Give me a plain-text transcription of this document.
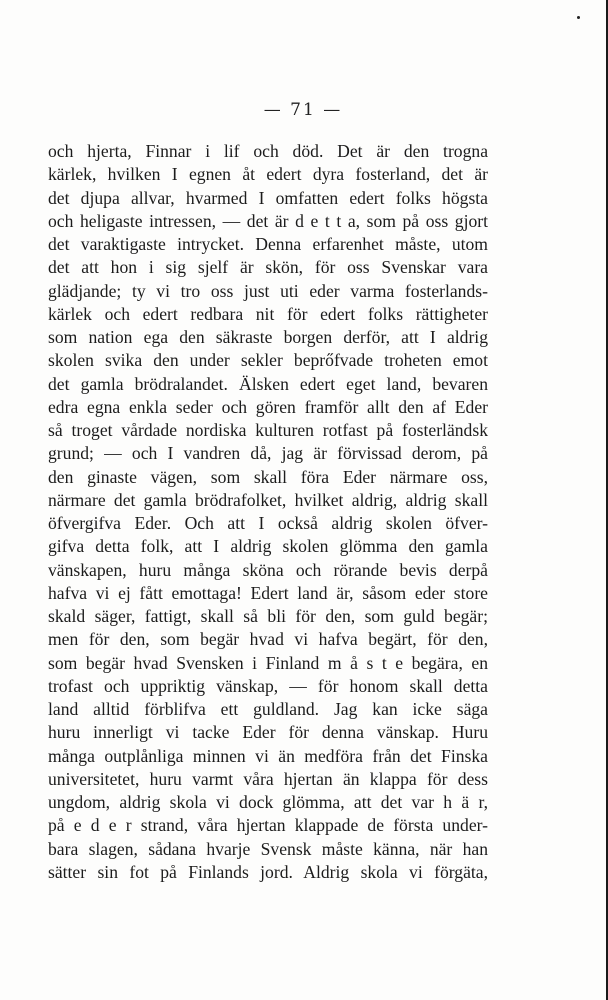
— 71 —
och hjerta, Finnar i lif och död. Det är den trogna
kärlek, hvilken I egnen åt edert dyra fosterland, det är
det djupa allvar, hvarmed I omfatten edert folks högsta
och heligaste intressen, — det är d e t t a, som på oss gjort
det varaktigaste intrycket. Denna erfarenhet måste, utom
det att hon i sig sjelf är skön, för oss Svenskar vara
glädjande; ty vi tro oss just uti eder varma fosterlands-
kärlek och edert redbara nit för edert folks rättigheter
som nation ega den säkraste borgen derför, att I aldrig
skolen svika den under sekler beprőfvade troheten emot
det gamla brödralandet. Älsken edert eget land, bevaren
edra egna enkla seder och gören framför allt den af Eder
så troget vårdade nordiska kulturen rotfast på fosterländsk
grund; — och I vandren då, jag är förvissad derom, på
den ginaste vägen, som skall föra Eder närmare oss,
närmare det gamla brödrafolket, hvilket aldrig, aldrig skall
öfvergifva Eder. Och att I också aldrig skolen öfver-
gifva detta folk, att I aldrig skolen glömma den gamla
vänskapen, huru många sköna och rörande bevis derpå
hafva vi ej fått emottaga! Edert land är, såsom eder store
skald säger, fattigt, skall så bli för den, som guld begär;
men för den, som begär hvad vi hafva begärt, för den,
som begär hvad Svensken i Finland m å s t e begära, en
trofast och uppriktig vänskap, — för honom skall detta
land alltid förblifva ett guldland. Jag kan icke säga
huru innerligt vi tacke Eder för denna vänskap. Huru
många outplånliga minnen vi än medföra från det Finska
universitetet, huru varmt våra hjertan än klappa för dess
ungdom, aldrig skola vi dock glömma, att det var h ä r,
på e d e r strand, våra hjertan klappade de första under-
bara slagen, sådana hvarje Svensk måste känna, när han
sätter sin fot på Finlands jord. Aldrig skola vi förgäta,
